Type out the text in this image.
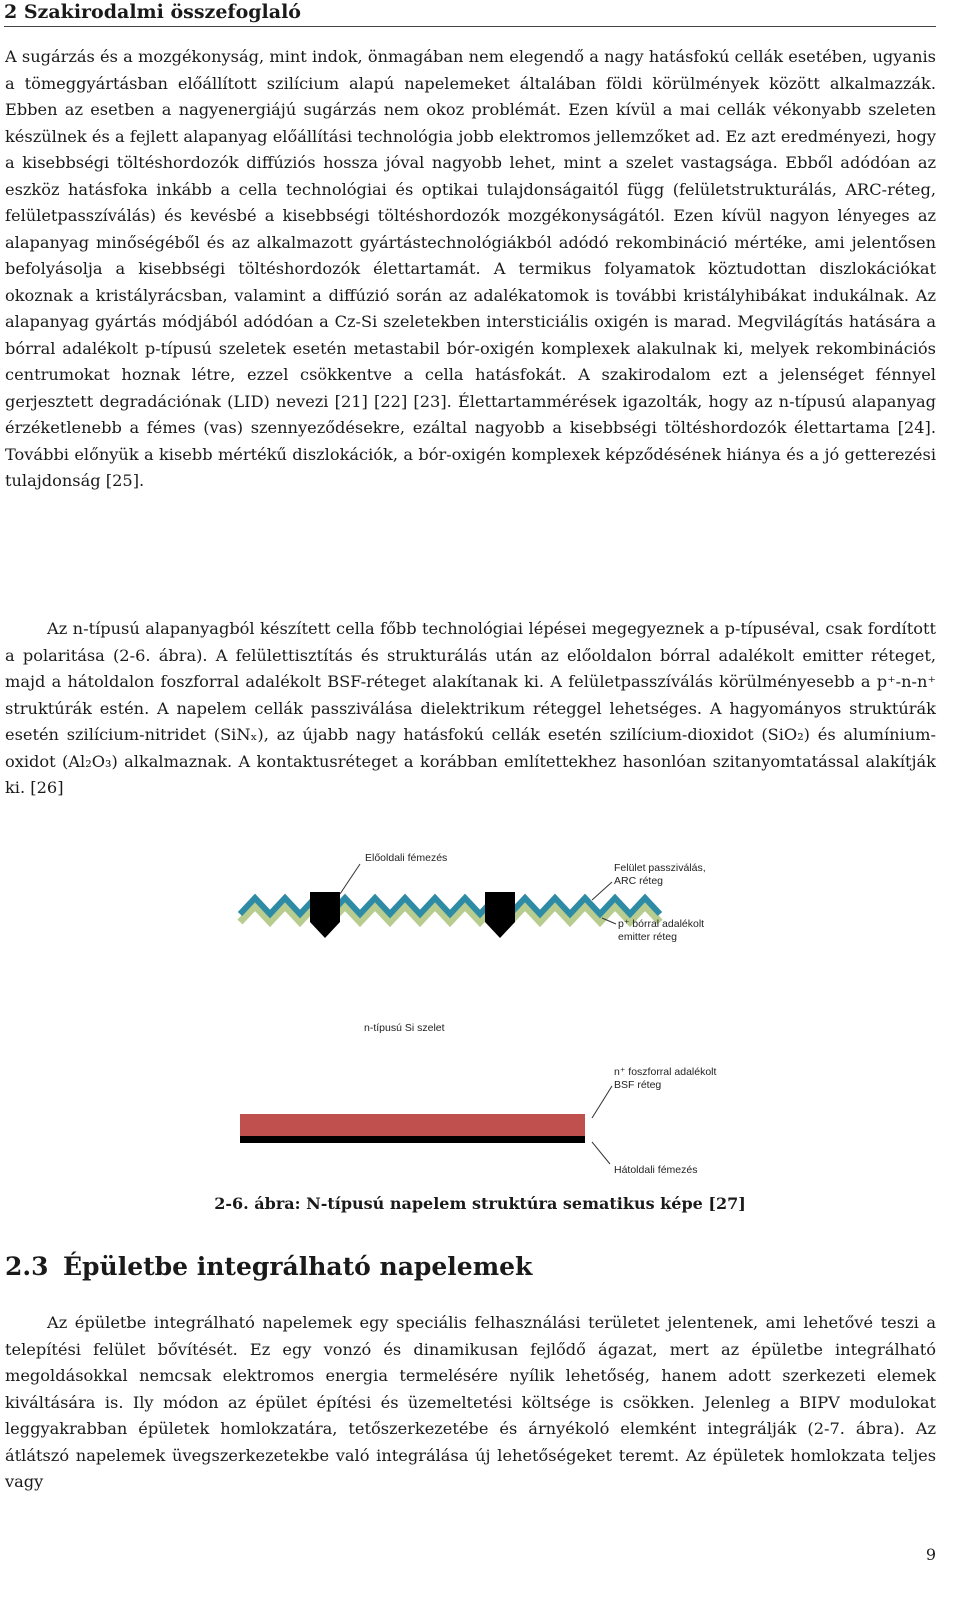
2 Szakirodalmi összefoglaló

A sugárzás és a mozgékonyság, mint indok, önmagában nem elegendő a nagy hatásfokú cellák esetében, ugyanis a tömeggyártásban előállított szilícium alapú napelemeket általában földi körülmények között alkalmazzák. Ebben az esetben a nagyenergiájú sugárzás nem okoz problémát. Ezen kívül a mai cellák vékonyabb szeleten készülnek és a fejlett alapanyag előállítási technológia jobb elektromos jellemzőket ad. Ez azt eredményezi, hogy a kisebbségi töltéshordozók diffúziós hossza jóval nagyobb lehet, mint a szelet vastagsága. Ebből adódóan az eszköz hatásfoka inkább a cella technológiai és optikai tulajdonságaitól függ (felületstrukturálás, ARC-réteg, felületpasszíválás) és kevésbé a kisebbségi töltéshordozók mozgékonyságától. Ezen kívül nagyon lényeges az alapanyag minőségéből és az alkalmazott gyártástechnológiákból adódó rekombináció mértéke, ami jelentősen befolyásolja a kisebbségi töltéshordozók élettartamát. A termikus folyamatok köztudottan diszlokációkat okoznak a kristályrácsban, valamint a diffúzió során az adalékatomok is további kristályhibákat indukálnak. Az alapanyag gyártás módjából adódóan a Cz-Si szeletekben intersticiális oxigén is marad. Megvilágítás hatására a bórral adalékolt p-típusú szeletek esetén metastabil bór-oxigén komplexek alakulnak ki, melyek rekombinációs centrumokat hoznak létre, ezzel csökkentve a cella hatásfokát. A szakirodalom ezt a jelenséget fénnyel gerjesztett degradációnak (LID) nevezi [21] [22] [23]. Élettartammérések igazolták, hogy az n-típusú alapanyag érzéketlenebb a fémes (vas) szennyeződésekre, ezáltal nagyobb a kisebbségi töltéshordozók élettartama [24]. További előnyük a kisebb mértékű diszlokációk, a bór-oxigén komplexek képződésének hiánya és a jó getterezési tulajdonság [25].

Az n-típusú alapanyagból készített cella főbb technológiai lépései megegyeznek a p-típuséval, csak fordított a polaritása (2-6. ábra). A felülettisztítás és strukturálás után az előoldalon bórral adalékolt emitter réteget, majd a hátoldalon foszforral adalékolt BSF-réteget alakítanak ki. A felületpasszíválás körülményesebb a p⁺-n-n⁺ struktúrák estén. A napelem cellák passziválása dielektrikum réteggel lehetséges. A hagyományos struktúrák esetén szilícium-nitridet (SiNₓ), az újabb nagy hatásfokú cellák esetén szilícium-dioxidot (SiO₂) és alumínium-oxidot (Al₂O₃) alkalmaznak. A kontaktusréteget a korábban említettekhez hasonlóan szitanyomtatással alakítják ki. [26]

Előoldali fémezés
Felület passziválás,
ARC réteg
p⁺ bórral adalékolt
emitter réteg
n-típusú Si szelet
n⁺ foszforral adalékolt
BSF réteg
Hátoldali fémezés
2-6. ábra: N-típusú napelem struktúra sematikus képe [27]
2.3 Épületbe integrálható napelemek

Az épületbe integrálható napelemek egy speciális felhasználási területet jelentenek, ami lehetővé teszi a telepítési felület bővítését. Ez egy vonzó és dinamikusan fejlődő ágazat, mert az épületbe integrálható megoldásokkal nemcsak elektromos energia termelésére nyílik lehetőség, hanem adott szerkezeti elemek kiváltására is. Ily módon az épület építési és üzemeltetési költsége is csökken. Jelenleg a BIPV modulokat leggyakrabban épületek homlokzatára, tetőszerkezetébe és árnyékoló elemként integrálják (2-7. ábra). Az átlátszó napelemek üvegszerkezetekbe való integrálása új lehetőségeket teremt. Az épületek homlokzata teljes vagy

9
